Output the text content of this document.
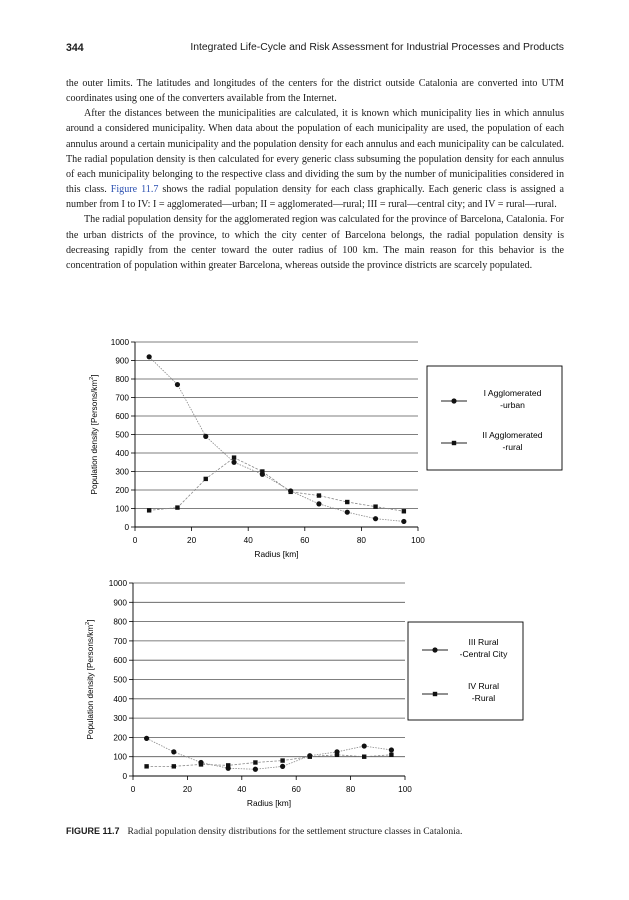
344	Integrated Life-Cycle and Risk Assessment for Industrial Processes and Products

the outer limits. The latitudes and longitudes of the centers for the district outside Catalonia are converted into UTM coordinates using one of the converters available from the Internet.

After the distances between the municipalities are calculated, it is known which municipality lies in which annulus around a considered municipality. When data about the population of each municipality are used, the population of each annulus around a certain municipality and the population density for each annulus and each municipality can be calculated. The radial population density is then calculated for every generic class subsuming the population density for each annulus of each municipality belonging to the respective class and dividing the sum by the number of municipalities considered in this class. Figure 11.7 shows the radial population density for each class graphically. Each generic class is assigned a number from I to IV: I = agglomerated—urban; II = agglomerated—rural; III = rural—central city; and IV = rural—rural.

The radial population density for the agglomerated region was calculated for the province of Barcelona, Catalonia. For the urban districts of the province, to which the city center of Barcelona belongs, the radial population density is decreasing rapidly from the center toward the outer radius of 100 km. The main reason for this behavior is the concentration of population within greater Barcelona, whereas outside the province districts are scarcely populated.

0
100
200
300
400
500
600
700
800
900
1000
0	20	40	60	80	100
Radius [km]
Population density $[Persons/km^2]$
I Agglomerated
-urban
II Agglomerated
-rural
0
100
200
300
400
500
600
700
800
900
1000
0	20	40	60	80	100
Radius [km]
Population density $[Persons/km^2]$
III Rural
-Central City
IV Rural
-Rural
FIGURE 11.7 Radial population density distributions for the settlement structure classes in Catalonia.
